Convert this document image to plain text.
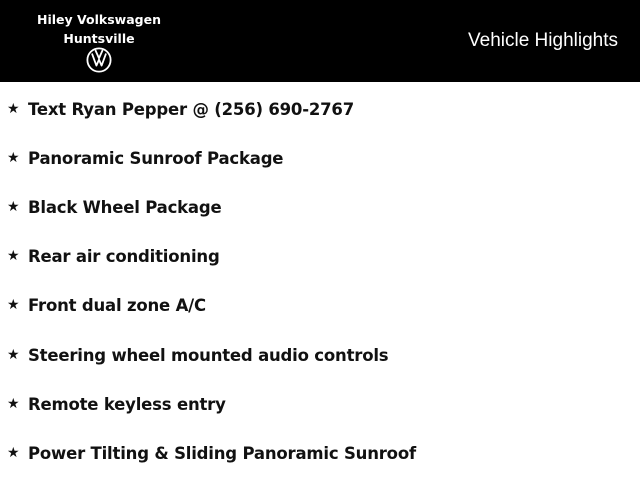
Hiley Volkswagen
Huntsville	Vehicle Highlights
★ Text Ryan Pepper @ (256) 690-2767
★ Panoramic Sunroof Package
★ Black Wheel Package
★ Rear air conditioning
★ Front dual zone A/C
★ Steering wheel mounted audio controls
★ Remote keyless entry
★ Power Tilting & Sliding Panoramic Sunroof
